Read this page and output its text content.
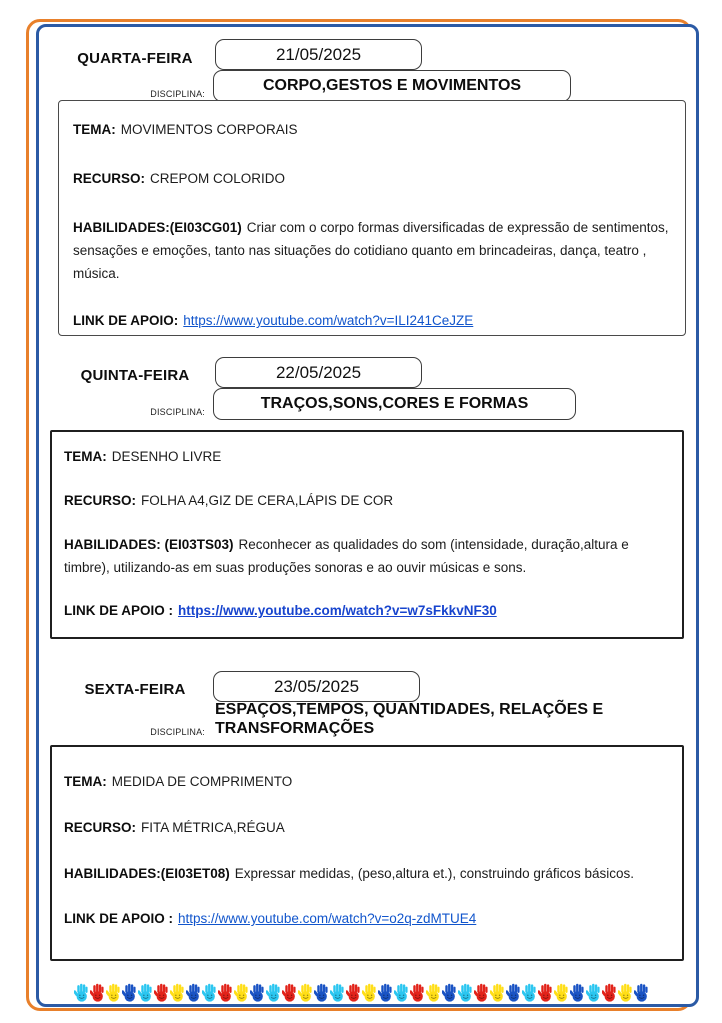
QUARTA-FEIRA	21/05/2025
DISCIPLINA:	CORPO,GESTOS E MOVIMENTOS

TEMA: MOVIMENTOS CORPORAIS

RECURSO: CREPOM COLORIDO

HABILIDADES:(EI03CG01) Criar com o corpo formas diversificadas de expressão de sentimentos, sensações e emoções, tanto nas situações do cotidiano quanto em brincadeiras, dança, teatro , música.

LINK DE APOIO: https://www.youtube.com/watch?v=ILI241CeJZE

QUINTA-FEIRA	22/05/2025
DISCIPLINA:	TRAÇOS,SONS,CORES E FORMAS

TEMA: DESENHO LIVRE

RECURSO: FOLHA A4,GIZ DE CERA,LÁPIS DE COR

HABILIDADES: (EI03TS03) Reconhecer as qualidades do som (intensidade, duração,altura e timbre), utilizando-as em suas produções sonoras e ao ouvir músicas e sons.

LINK DE APOIO : https://www.youtube.com/watch?v=w7sFkkvNF30

SEXTA-FEIRA	23/05/2025
DISCIPLINA:
ESPAÇOS,TEMPOS, QUANTIDADES, RELAÇÕES E TRANSFORMAÇÕES

TEMA: MEDIDA DE COMPRIMENTO

RECURSO: FITA MÉTRICA,RÉGUA

HABILIDADES:(EI03ET08) Expressar medidas, (peso,altura et.), construindo gráficos básicos.

LINK DE APOIO : https://www.youtube.com/watch?v=o2q-zdMTUE4
